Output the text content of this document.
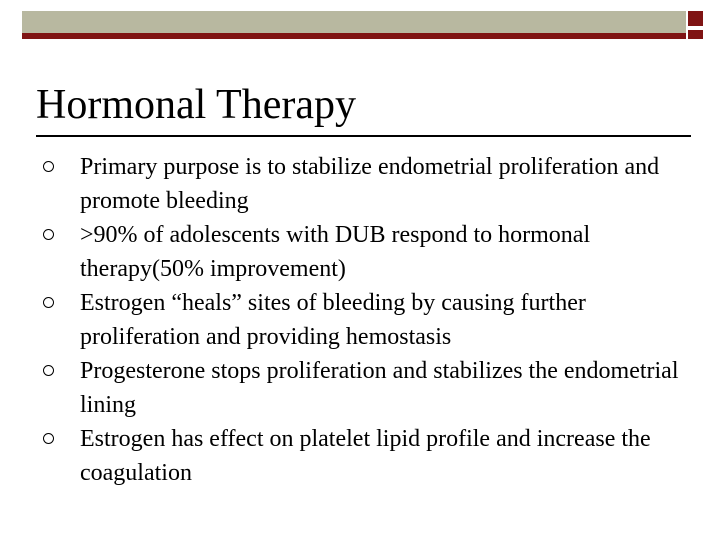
Hormonal Therapy
Primary purpose is to stabilize endometrial proliferation and promote bleeding
>90% of adolescents with DUB respond to hormonal therapy(50% improvement)
Estrogen “heals” sites of bleeding by causing further proliferation and providing hemostasis
Progesterone stops proliferation and stabilizes the endometrial lining
Estrogen has effect on platelet lipid profile and increase the coagulation
